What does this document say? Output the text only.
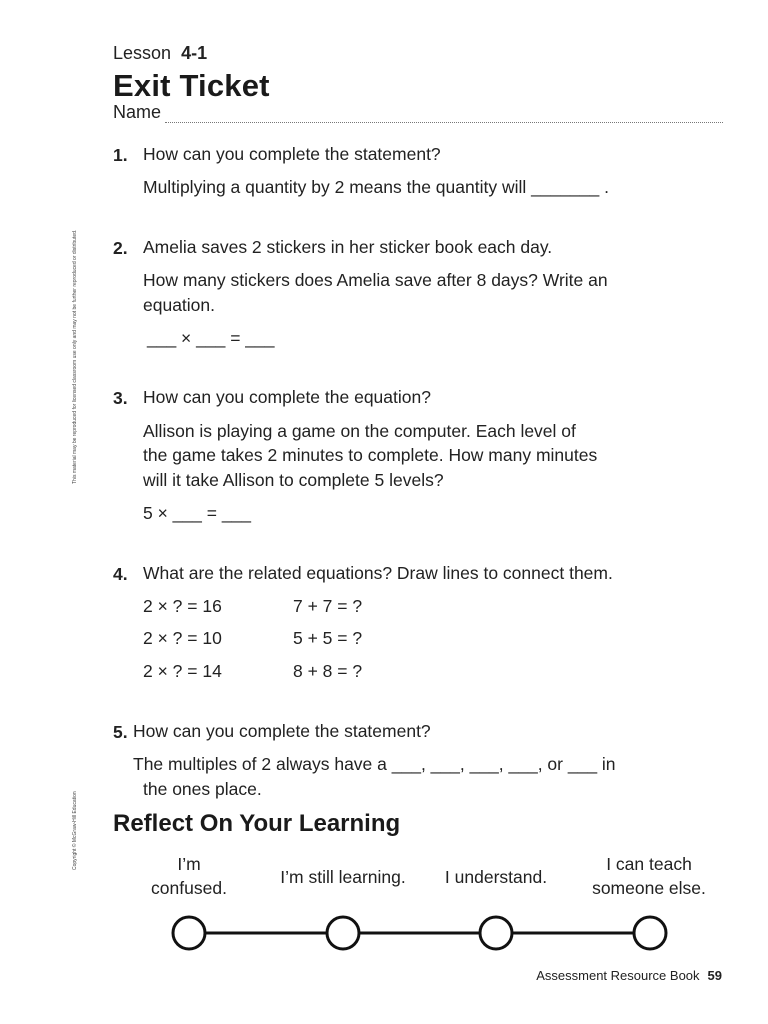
Lesson 4-1
Exit Ticket
Name
This material may be reproduced for licensed classroom use only and may not be further reproduced or distributed.
Copyright © McGraw-Hill Education
1. How can you complete the statement?
Multiplying a quantity by 2 means the quantity will _______ .
2. Amelia saves 2 stickers in her sticker book each day.
How many stickers does Amelia save after 8 days? Write an
equation.
___ × ___ = ___
3. How can you complete the equation?
Allison is playing a game on the computer. Each level of
the game takes 2 minutes to complete. How many minutes
will it take Allison to complete 5 levels?
5 × ___ = ___
4. What are the related equations? Draw lines to connect them.
2 × ? = 16
2 × ? = 10
2 × ? = 14
7 + 7 = ?
5 + 5 = ?
8 + 8 = ?
5. How can you complete the statement?
The multiples of 2 always have a ___, ___, ___, ___, or ___ in
the ones place.
Reflect On Your Learning
I’m
confused.
I’m still learning.	I understand.
I can teach
someone else.
Assessment Resource Book 59
